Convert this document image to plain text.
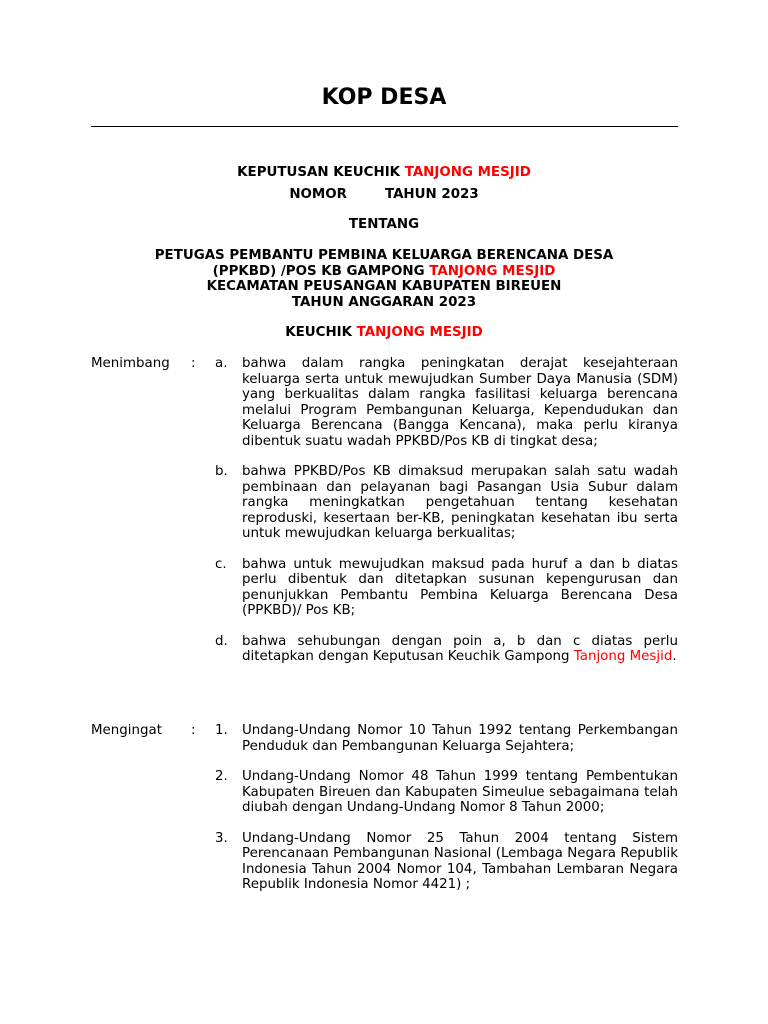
KOP DESA
KEPUTUSAN KEUCHIK TANJONG MESJID
NOMOR	TAHUN 2023
TENTANG
PETUGAS PEMBANTU PEMBINA KELUARGA BERENCANA DESA
(PPKBD) /POS KB GAMPONG TANJONG MESJID
KECAMATAN PEUSANGAN KABUPATEN BIREUEN
TAHUN ANGGARAN 2023
KEUCHIK TANJONG MESJID
Menimbang : a. bahwa dalam rangka peningkatan derajat kesejahteraan keluarga serta untuk mewujudkan Sumber Daya Manusia (SDM) yang berkualitas dalam rangka fasilitasi keluarga berencana melalui Program Pembangunan Keluarga, Kependudukan dan Keluarga Berencana (Bangga Kencana), maka perlu kiranya dibentuk suatu wadah PPKBD/Pos KB di tingkat desa;
b. bahwa PPKBD/Pos KB dimaksud merupakan salah satu wadah pembinaan dan pelayanan bagi Pasangan Usia Subur dalam rangka meningkatkan pengetahuan tentang kesehatan reproduski, kesertaan ber-KB, peningkatan kesehatan ibu serta untuk mewujudkan keluarga berkualitas;
c. bahwa untuk mewujudkan maksud pada huruf a dan b diatas perlu dibentuk dan ditetapkan susunan kepengurusan dan penunjukkan Pembantu Pembina Keluarga Berencana Desa (PPKBD)/ Pos KB;
d. bahwa sehubungan dengan poin a, b dan c diatas perlu ditetapkan dengan Keputusan Keuchik Gampong Tanjong Mesjid.
Mengingat : 1. Undang-Undang Nomor 10 Tahun 1992 tentang Perkembangan Penduduk dan Pembangunan Keluarga Sejahtera;
2. Undang-Undang Nomor 48 Tahun 1999 tentang Pembentukan Kabupaten Bireuen dan Kabupaten Simeulue sebagaimana telah diubah dengan Undang-Undang Nomor 8 Tahun 2000;
3. Undang-Undang Nomor 25 Tahun 2004 tentang Sistem Perencanaan Pembangunan Nasional (Lembaga Negara Republik Indonesia Tahun 2004 Nomor 104, Tambahan Lembaran Negara Republik Indonesia Nomor 4421) ;
